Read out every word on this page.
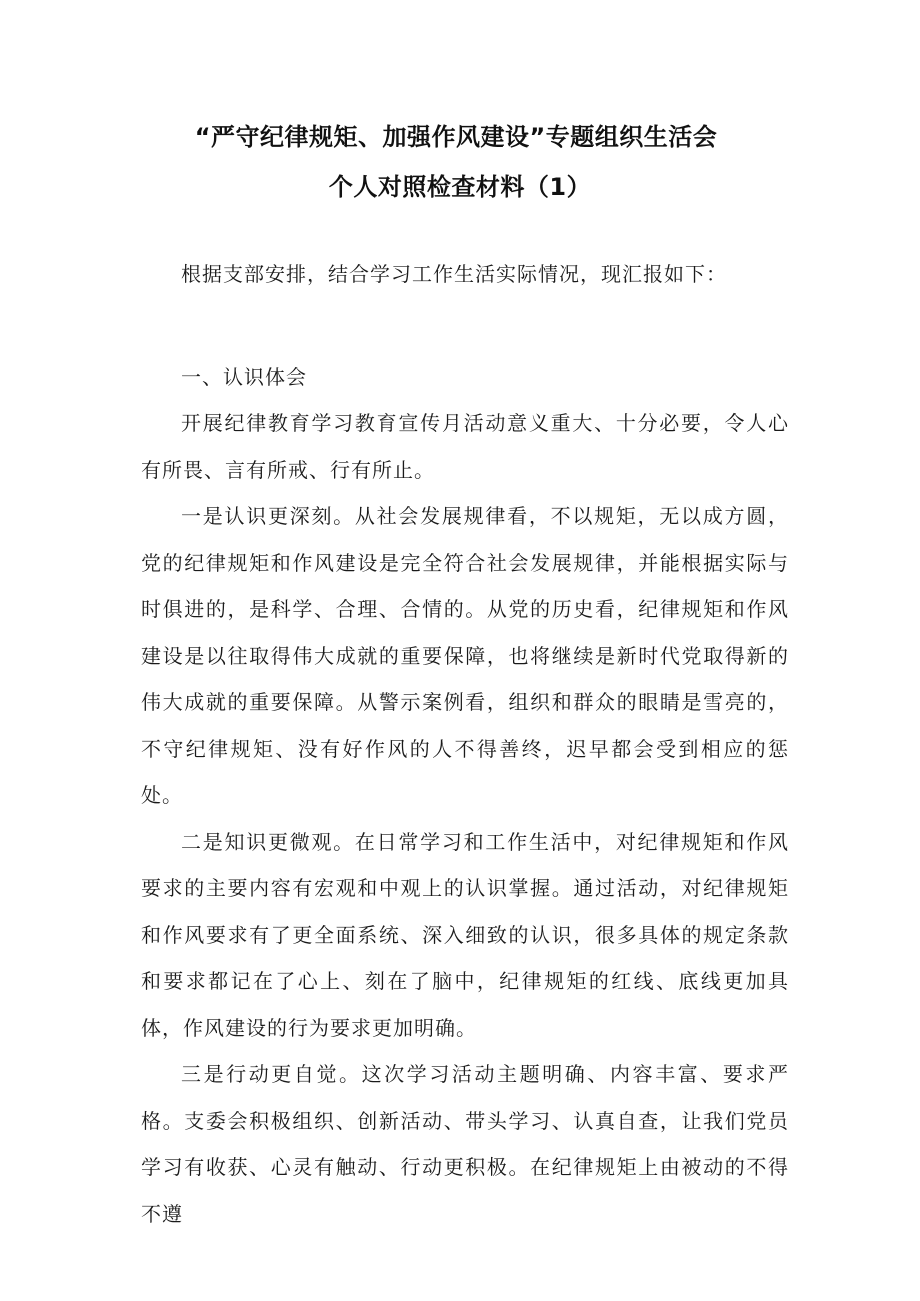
“严守纪律规矩、加强作风建设”专题组织生活会
个人对照检查材料（1）

根据支部安排，结合学习工作生活实际情况，现汇报如下：

一、认识体会

开展纪律教育学习教育宣传月活动意义重大、十分必要，令人心有所畏、言有所戒、行有所止。

一是认识更深刻。从社会发展规律看，不以规矩，无以成方圆，党的纪律规矩和作风建设是完全符合社会发展规律，并能根据实际与时俱进的，是科学、合理、合情的。从党的历史看，纪律规矩和作风建设是以往取得伟大成就的重要保障，也将继续是新时代党取得新的伟大成就的重要保障。从警示案例看，组织和群众的眼睛是雪亮的，不守纪律规矩、没有好作风的人不得善终，迟早都会受到相应的惩处。

二是知识更微观。在日常学习和工作生活中，对纪律规矩和作风要求的主要内容有宏观和中观上的认识掌握。通过活动，对纪律规矩和作风要求有了更全面系统、深入细致的认识，很多具体的规定条款和要求都记在了心上、刻在了脑中，纪律规矩的红线、底线更加具体，作风建设的行为要求更加明确。

三是行动更自觉。这次学习活动主题明确、内容丰富、要求严格。支委会积极组织、创新活动、带头学习、认真自查，让我们党员学习有收获、心灵有触动、行动更积极。在纪律规矩上由被动的不得不遵
